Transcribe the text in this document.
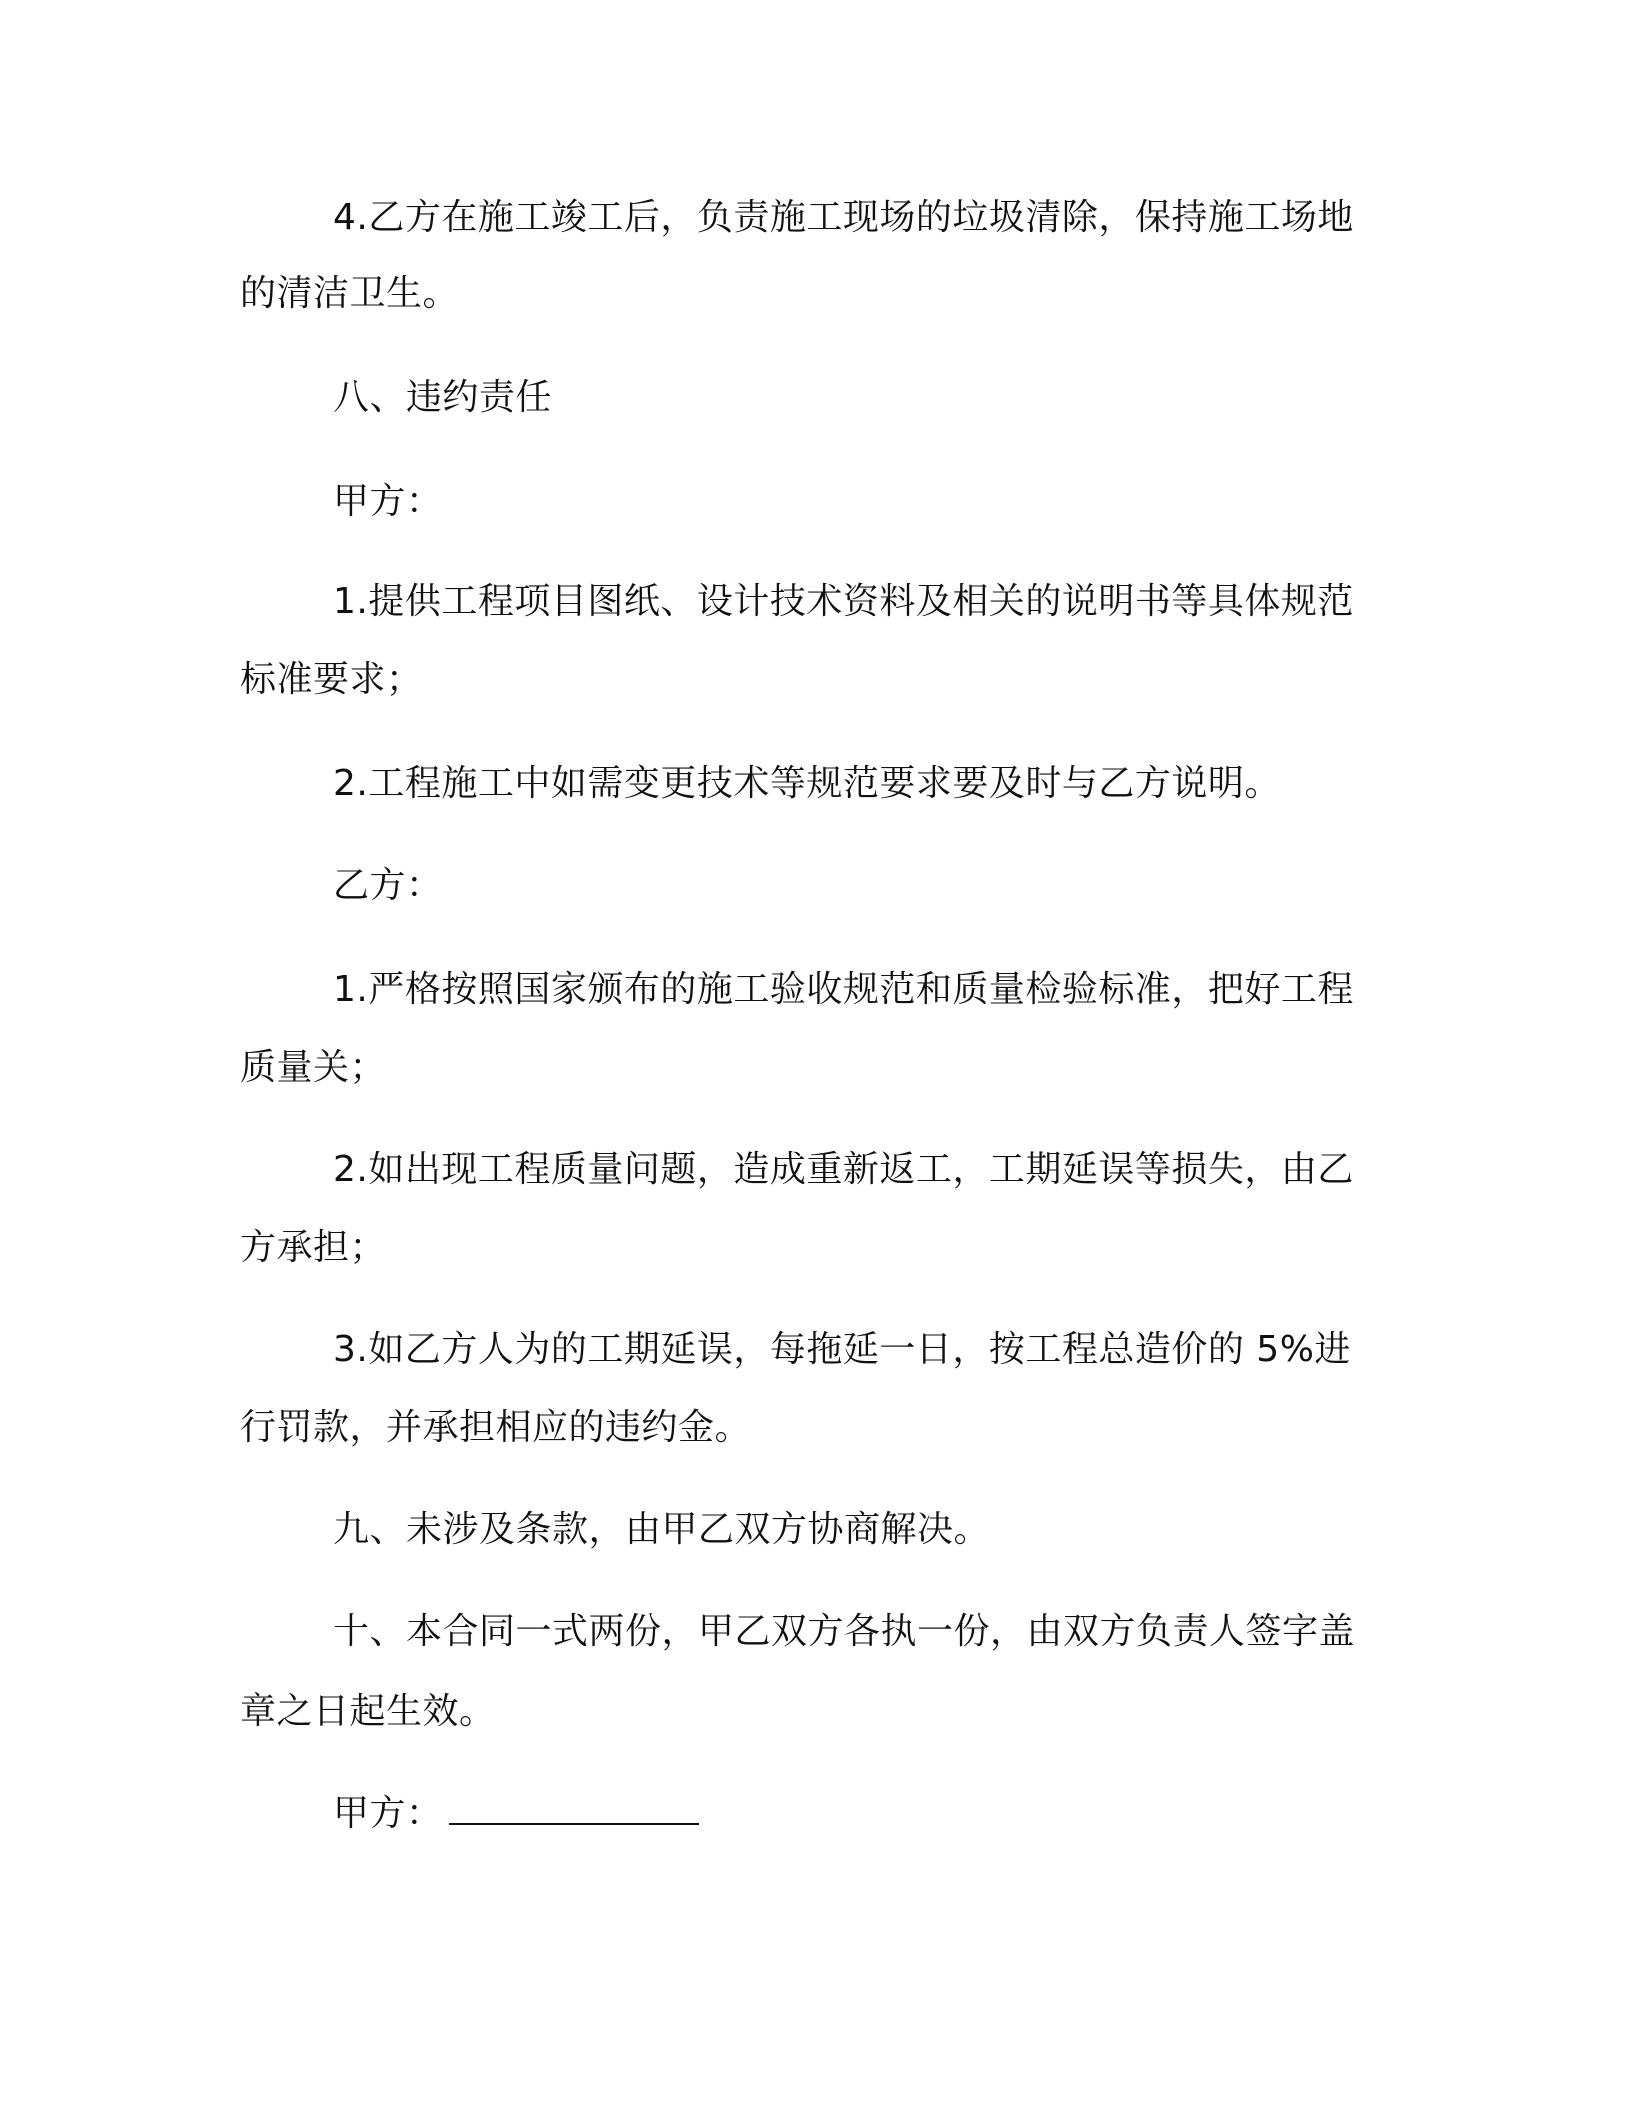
4.乙方在施工竣工后，负责施工现场的垃圾清除，保持施工场地
的清洁卫生。
八、违约责任
甲方：
1.提供工程项目图纸、设计技术资料及相关的说明书等具体规范
标准要求；
2.工程施工中如需变更技术等规范要求要及时与乙方说明。
乙方：
1.严格按照国家颁布的施工验收规范和质量检验标准，把好工程
质量关；
2.如出现工程质量问题，造成重新返工，工期延误等损失，由乙
方承担；
3.如乙方人为的工期延误，每拖延一日，按工程总造价的 5%进
行罚款，并承担相应的违约金。
九、未涉及条款，由甲乙双方协商解决。
十、本合同一式两份，甲乙双方各执一份，由双方负责人签字盖
章之日起生效。
甲方：
